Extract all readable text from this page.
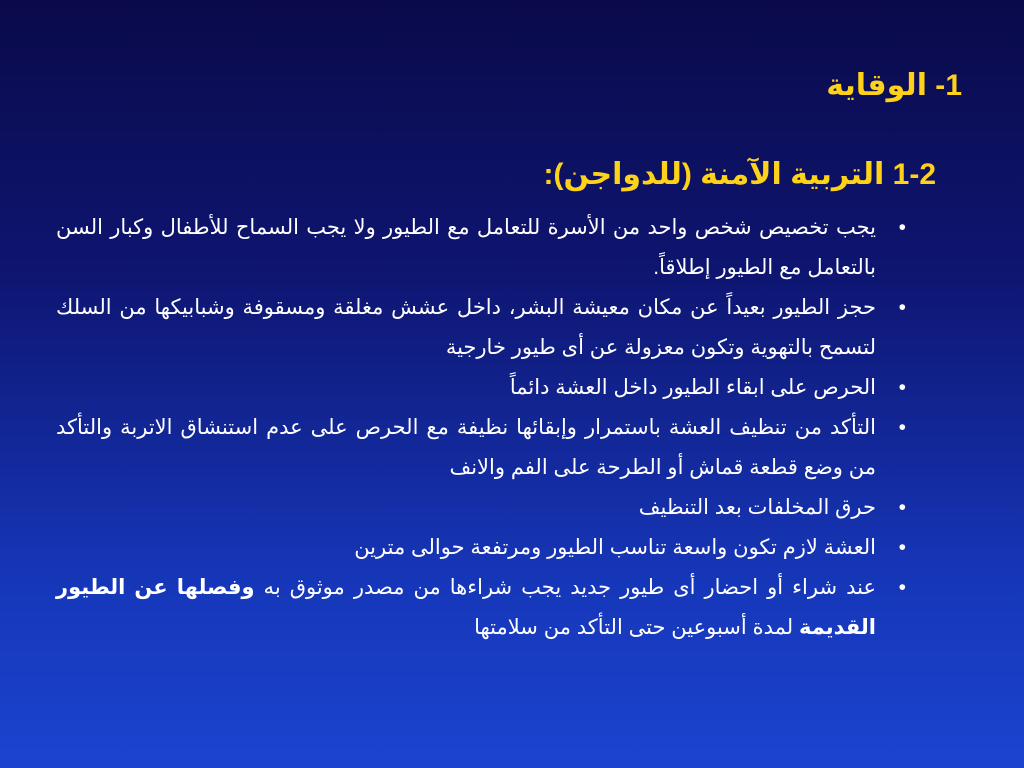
1- الوقاية
1-2 التربية الآمنة (للدواجن):
•
يجب تخصيص شخص واحد من الأسرة للتعامل مع الطيور ولا يجب السماح للأطفال وكبار السن بالتعامل مع الطيور إطلاقاً.
•
حجز الطيور بعيداً عن مكان معيشة البشر، داخل عشش مغلقة ومسقوفة وشبابيكها من السلك لتسمح بالتهوية وتكون معزولة عن أى طيور خارجية
•
الحرص على ابقاء الطيور داخل العشة دائماً
•
التأكد من تنظيف العشة باستمرار وإبقائها نظيفة مع الحرص على عدم استنشاق الاتربة والتأكد من وضع قطعة قماش أو الطرحة على الفم والانف
•
حرق المخلفات بعد التنظيف
•
العشة لازم تكون واسعة تناسب الطيور ومرتفعة حوالى مترين
•
عند شراء أو احضار أى طيور جديد يجب شراءها من مصدر موثوق به وفصلها عن الطيور القديمة لمدة أسبوعين حتى التأكد من سلامتها
